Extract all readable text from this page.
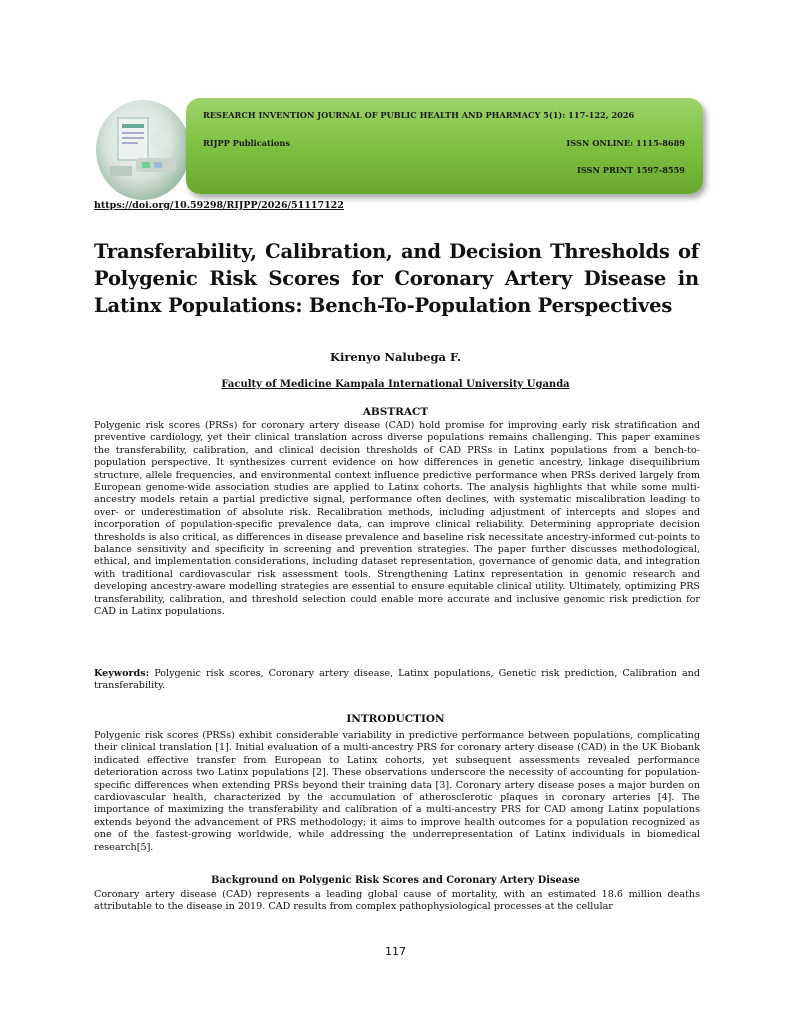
RESEARCH INVENTION JOURNAL OF PUBLIC HEALTH AND PHARMACY 5(1): 117-122, 2026
RIJPP Publications	ISSN ONLINE: 1115-8689
ISSN PRINT 1597-8559
https://doi.org/10.59298/RIJPP/2026/51117122
Transferability, Calibration, and Decision Thresholds of Polygenic Risk Scores for Coronary Artery Disease in Latinx Populations: Bench-To-Population Perspectives
Kirenyo Nalubega F.
Faculty of Medicine Kampala International University Uganda
ABSTRACT

Polygenic risk scores (PRSs) for coronary artery disease (CAD) hold promise for improving early risk stratification and preventive cardiology, yet their clinical translation across diverse populations remains challenging. This paper examines the transferability, calibration, and clinical decision thresholds of CAD PRSs in Latinx populations from a bench-to-population perspective. It synthesizes current evidence on how differences in genetic ancestry, linkage disequilibrium structure, allele frequencies, and environmental context influence predictive performance when PRSs derived largely from European genome-wide association studies are applied to Latinx cohorts. The analysis highlights that while some multi-ancestry models retain a partial predictive signal, performance often declines, with systematic miscalibration leading to over- or underestimation of absolute risk. Recalibration methods, including adjustment of intercepts and slopes and incorporation of population-specific prevalence data, can improve clinical reliability. Determining appropriate decision thresholds is also critical, as differences in disease prevalence and baseline risk necessitate ancestry-informed cut-points to balance sensitivity and specificity in screening and prevention strategies. The paper further discusses methodological, ethical, and implementation considerations, including dataset representation, governance of genomic data, and integration with traditional cardiovascular risk assessment tools. Strengthening Latinx representation in genomic research and developing ancestry-aware modelling strategies are essential to ensure equitable clinical utility. Ultimately, optimizing PRS transferability, calibration, and threshold selection could enable more accurate and inclusive genomic risk prediction for CAD in Latinx populations.

Keywords: Polygenic risk scores, Coronary artery disease, Latinx populations, Genetic risk prediction, Calibration and transferability.

INTRODUCTION

Polygenic risk scores (PRSs) exhibit considerable variability in predictive performance between populations, complicating their clinical translation [1]. Initial evaluation of a multi-ancestry PRS for coronary artery disease (CAD) in the UK Biobank indicated effective transfer from European to Latinx cohorts, yet subsequent assessments revealed performance deterioration across two Latinx populations [2]. These observations underscore the necessity of accounting for population-specific differences when extending PRSs beyond their training data [3]. Coronary artery disease poses a major burden on cardiovascular health, characterized by the accumulation of atherosclerotic plaques in coronary arteries [4]. The importance of maximizing the transferability and calibration of a multi-ancestry PRS for CAD among Latinx populations extends beyond the advancement of PRS methodology; it aims to improve health outcomes for a population recognized as one of the fastest-growing worldwide, while addressing the underrepresentation of Latinx individuals in biomedical research[5].

Background on Polygenic Risk Scores and Coronary Artery Disease

Coronary artery disease (CAD) represents a leading global cause of mortality, with an estimated 18.6 million deaths attributable to the disease in 2019. CAD results from complex pathophysiological processes at the cellular

117
